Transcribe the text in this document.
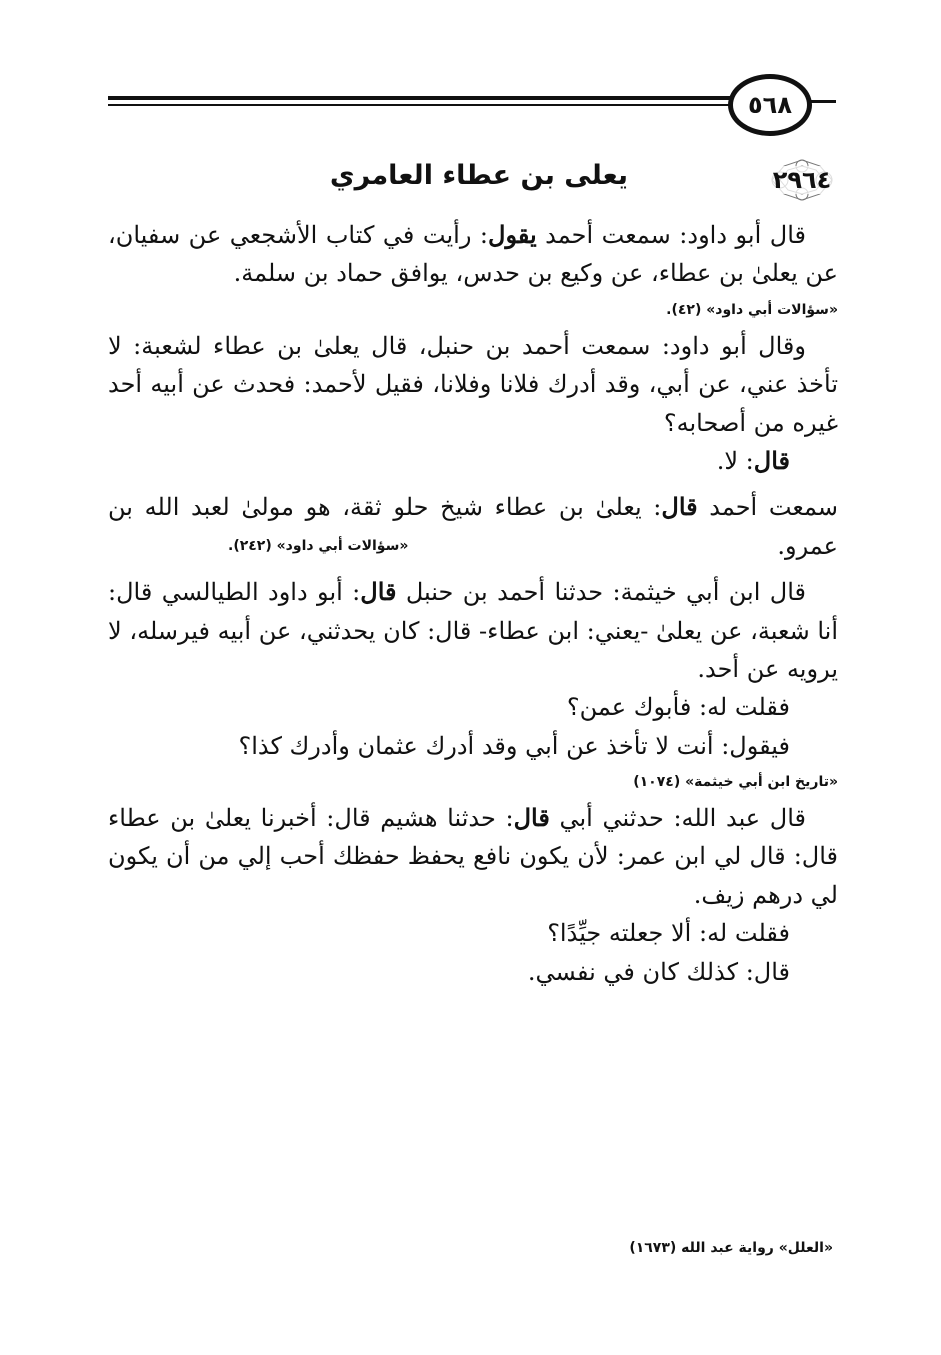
٥٦٨
٢٩٦٤
يعلى بن عطاء العامري

قال أبو داود: سمعت أحمد يقول: رأيت في كتاب الأشجعي عن سفيان، عن يعلىٰ بن عطاء، عن وكيع بن حدس، يوافق حماد بن سلمة.

«سؤالات أبي داود» (٤٢).

وقال أبو داود: سمعت أحمد بن حنبل، قال يعلىٰ بن عطاء لشعبة: لا تأخذ عني، عن أبي، وقد أدرك فلانا وفلانا، فقيل لأحمد: فحدث عن أبيه أحد غيره من أصحابه؟

قال: لا.

سمعت أحمد قال: يعلىٰ بن عطاء شيخ حلو ثقة، هو مولىٰ لعبد الله بن عمرو.
«سؤالات أبي داود» (٢٤٢).

قال ابن أبي خيثمة: حدثنا أحمد بن حنبل قال: أبو داود الطيالسي قال: أنا شعبة، عن يعلىٰ -يعني: ابن عطاء- قال: كان يحدثني، عن أبيه فيرسله، لا يرويه عن أحد.

فقلت له: فأبوك عمن؟

فيقول: أنت لا تأخذ عن أبي وقد أدرك عثمان وأدرك كذا؟

«تاريخ ابن أبي خيثمة» (١٠٧٤)

قال عبد الله: حدثني أبي قال: حدثنا هشيم قال: أخبرنا يعلىٰ بن عطاء قال: قال لي ابن عمر: لأن يكون نافع يحفظ حفظك أحب إلي من أن يكون لي درهم زيف.

فقلت له: ألا جعلته جيِّدًا؟

قال: كذلك كان في نفسي.

«العلل» رواية عبد الله (١٦٧٣)
